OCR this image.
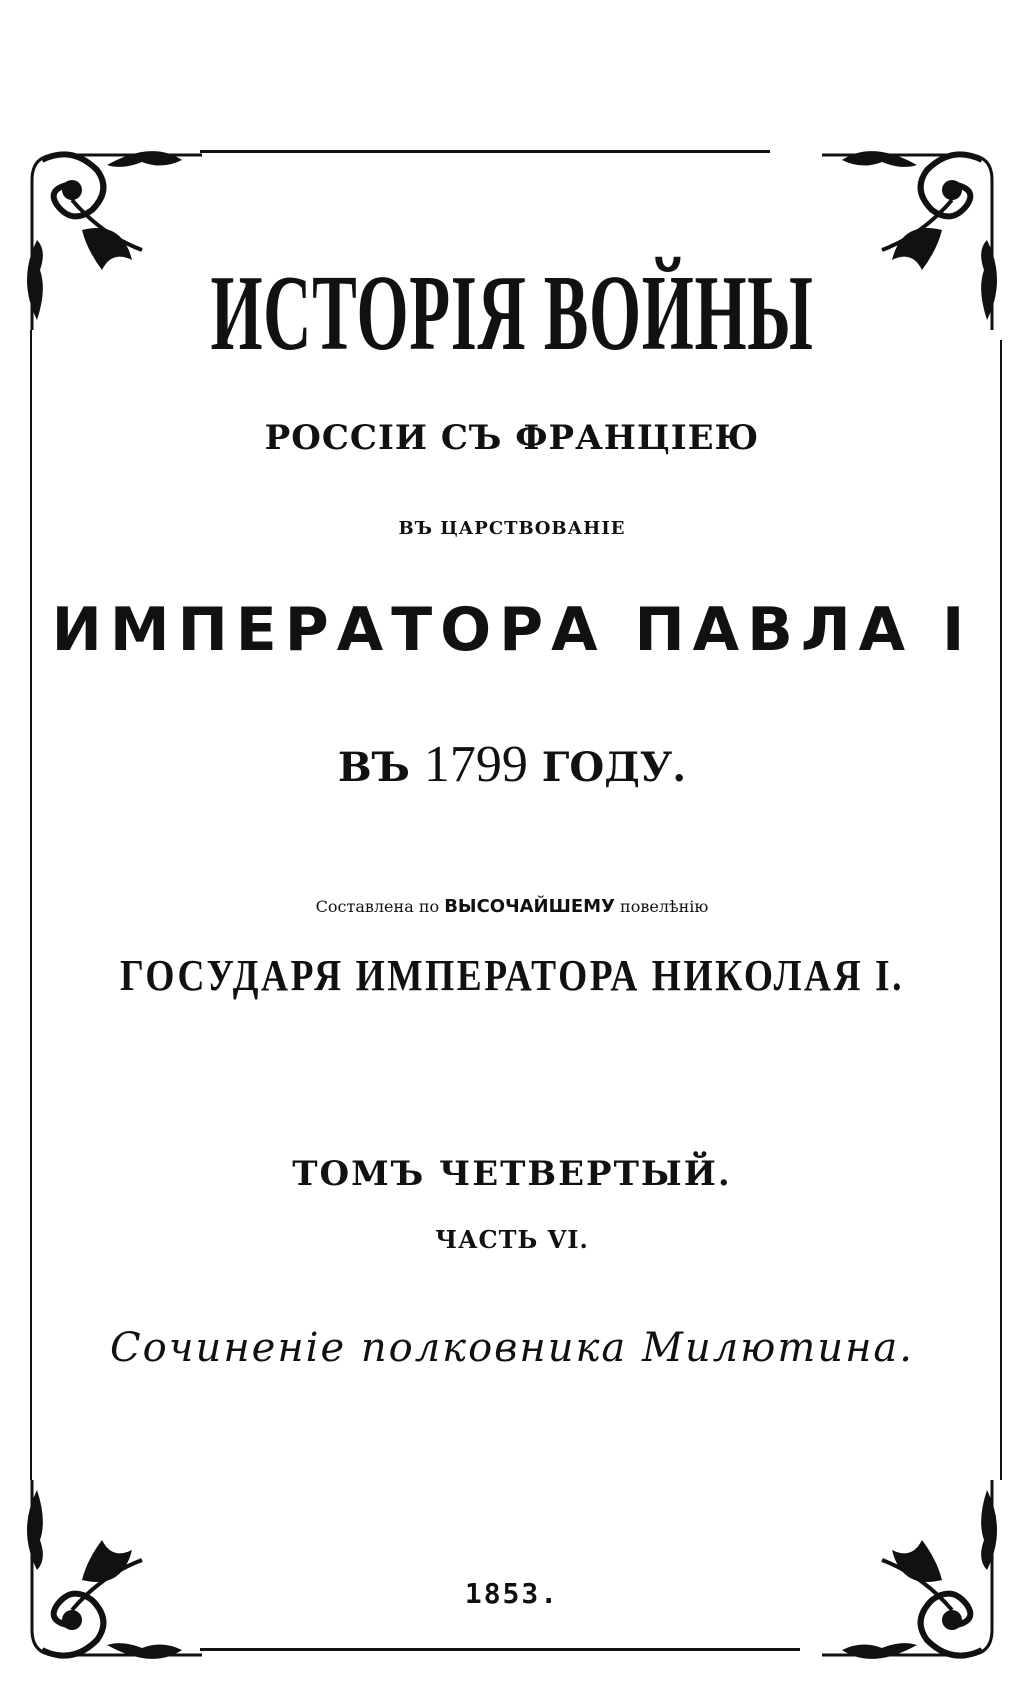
ИСТОРІЯ ВОЙНЫ
РОССІИ СЪ ФРАНЦІЕЮ
ВЪ ЦАРСТВОВАНІЕ
ИМПЕРАТОРА ПАВЛА I
ВЪ 1799 ГОДУ.
Составлена по ВЫСОЧАЙШЕМУ повелѣнію
ГОСУДАРЯ ИМПЕРАТОРА НИКОЛАЯ I.
ТОМЪ ЧЕТВЕРТЫЙ.
ЧАСТЬ VI.
Сочиненіе полковника Милютина.
1853.
